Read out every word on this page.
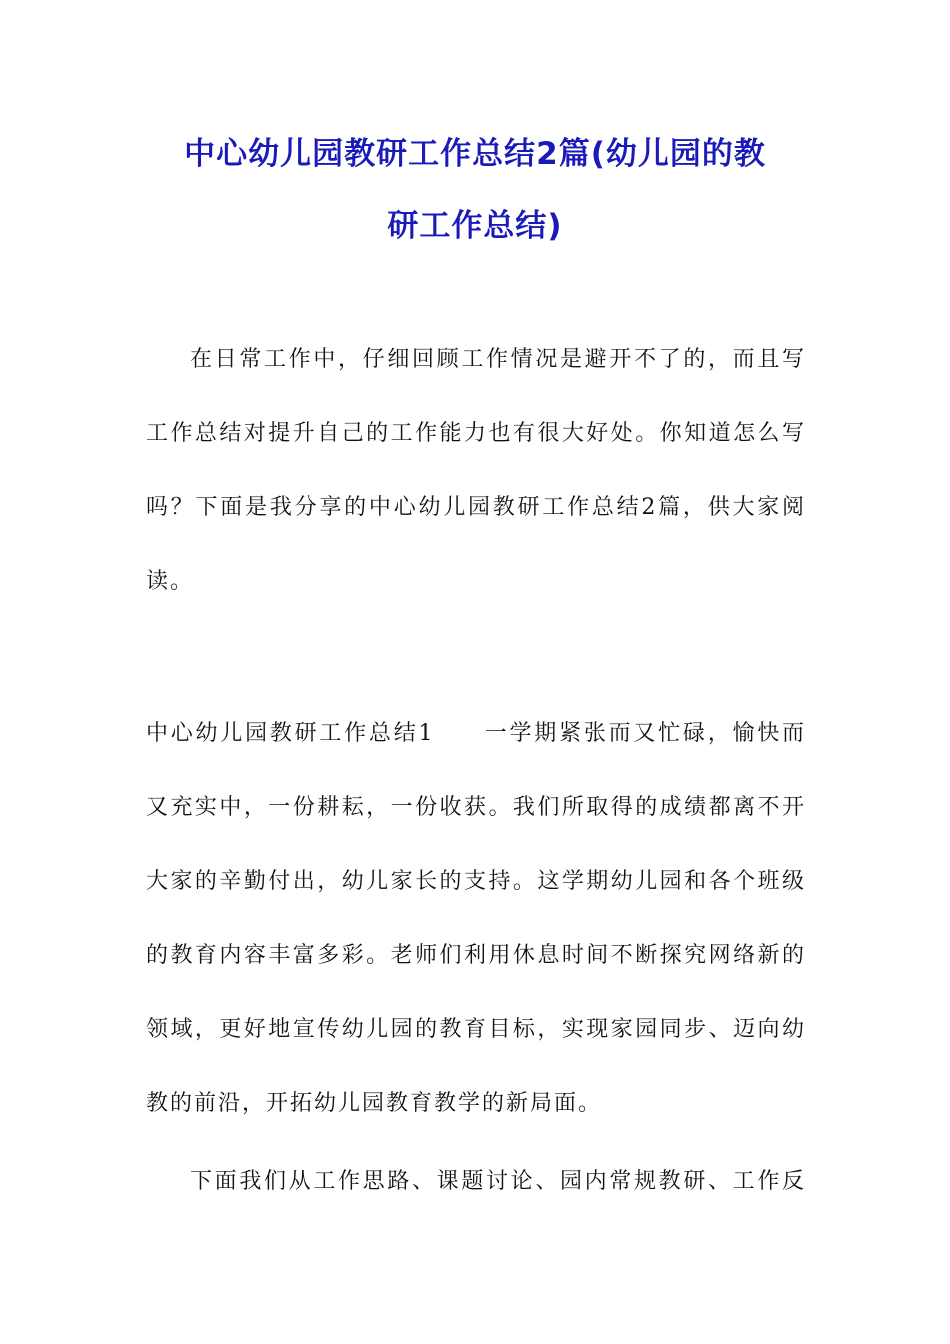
中心幼儿园教研工作总结2篇(幼儿园的教
研工作总结)
在日常工作中，仔细回顾工作情况是避开不了的，而且写
工作总结对提升自己的工作能力也有很大好处。你知道怎么写
吗？下面是我分享的中心幼儿园教研工作总结2篇，供大家阅
读。
中心幼儿园教研工作总结1　　一学期紧张而又忙碌，愉快而
又充实中，一份耕耘，一份收获。我们所取得的成绩都离不开
大家的辛勤付出，幼儿家长的支持。这学期幼儿园和各个班级
的教育内容丰富多彩。老师们利用休息时间不断探究网络新的
领域，更好地宣传幼儿园的教育目标，实现家园同步、迈向幼
教的前沿，开拓幼儿园教育教学的新局面。
下面我们从工作思路、课题讨论、园内常规教研、工作反
